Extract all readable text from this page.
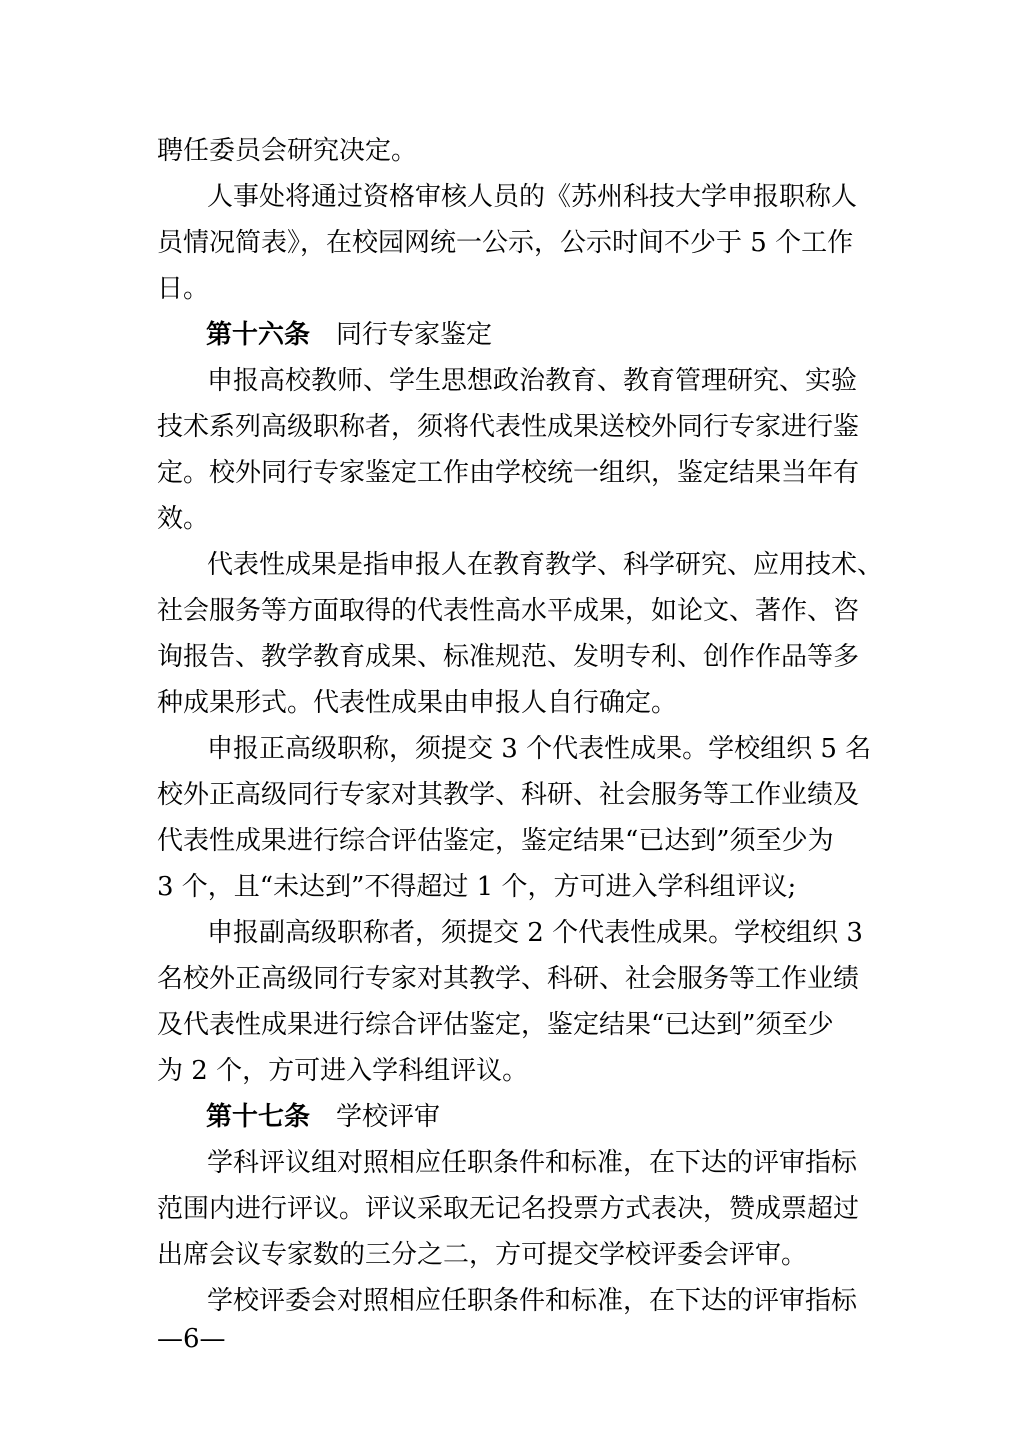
聘任委员会研究决定。
人事处将通过资格审核人员的《苏州科技大学申报职称人
员情况简表》，在校园网统一公示，公示时间不少于 5 个工作
日。
第十六条 同行专家鉴定
申报高校教师、学生思想政治教育、教育管理研究、实验
技术系列高级职称者，须将代表性成果送校外同行专家进行鉴
定。校外同行专家鉴定工作由学校统一组织，鉴定结果当年有
效。
代表性成果是指申报人在教育教学、科学研究、应用技术、
社会服务等方面取得的代表性高水平成果，如论文、著作、咨
询报告、教学教育成果、标准规范、发明专利、创作作品等多
种成果形式。代表性成果由申报人自行确定。
申报正高级职称，须提交 3 个代表性成果。学校组织 5 名
校外正高级同行专家对其教学、科研、社会服务等工作业绩及
代表性成果进行综合评估鉴定，鉴定结果“已达到”须至少为
3 个，且“未达到”不得超过 1 个，方可进入学科组评议;
申报副高级职称者，须提交 2 个代表性成果。学校组织 3
名校外正高级同行专家对其教学、科研、社会服务等工作业绩
及代表性成果进行综合评估鉴定，鉴定结果“已达到”须至少
为 2 个，方可进入学科组评议。
第十七条 学校评审
学科评议组对照相应任职条件和标准，在下达的评审指标
范围内进行评议。评议采取无记名投票方式表决，赞成票超过
出席会议专家数的三分之二，方可提交学校评委会评审。
学校评委会对照相应任职条件和标准，在下达的评审指标
—6—
